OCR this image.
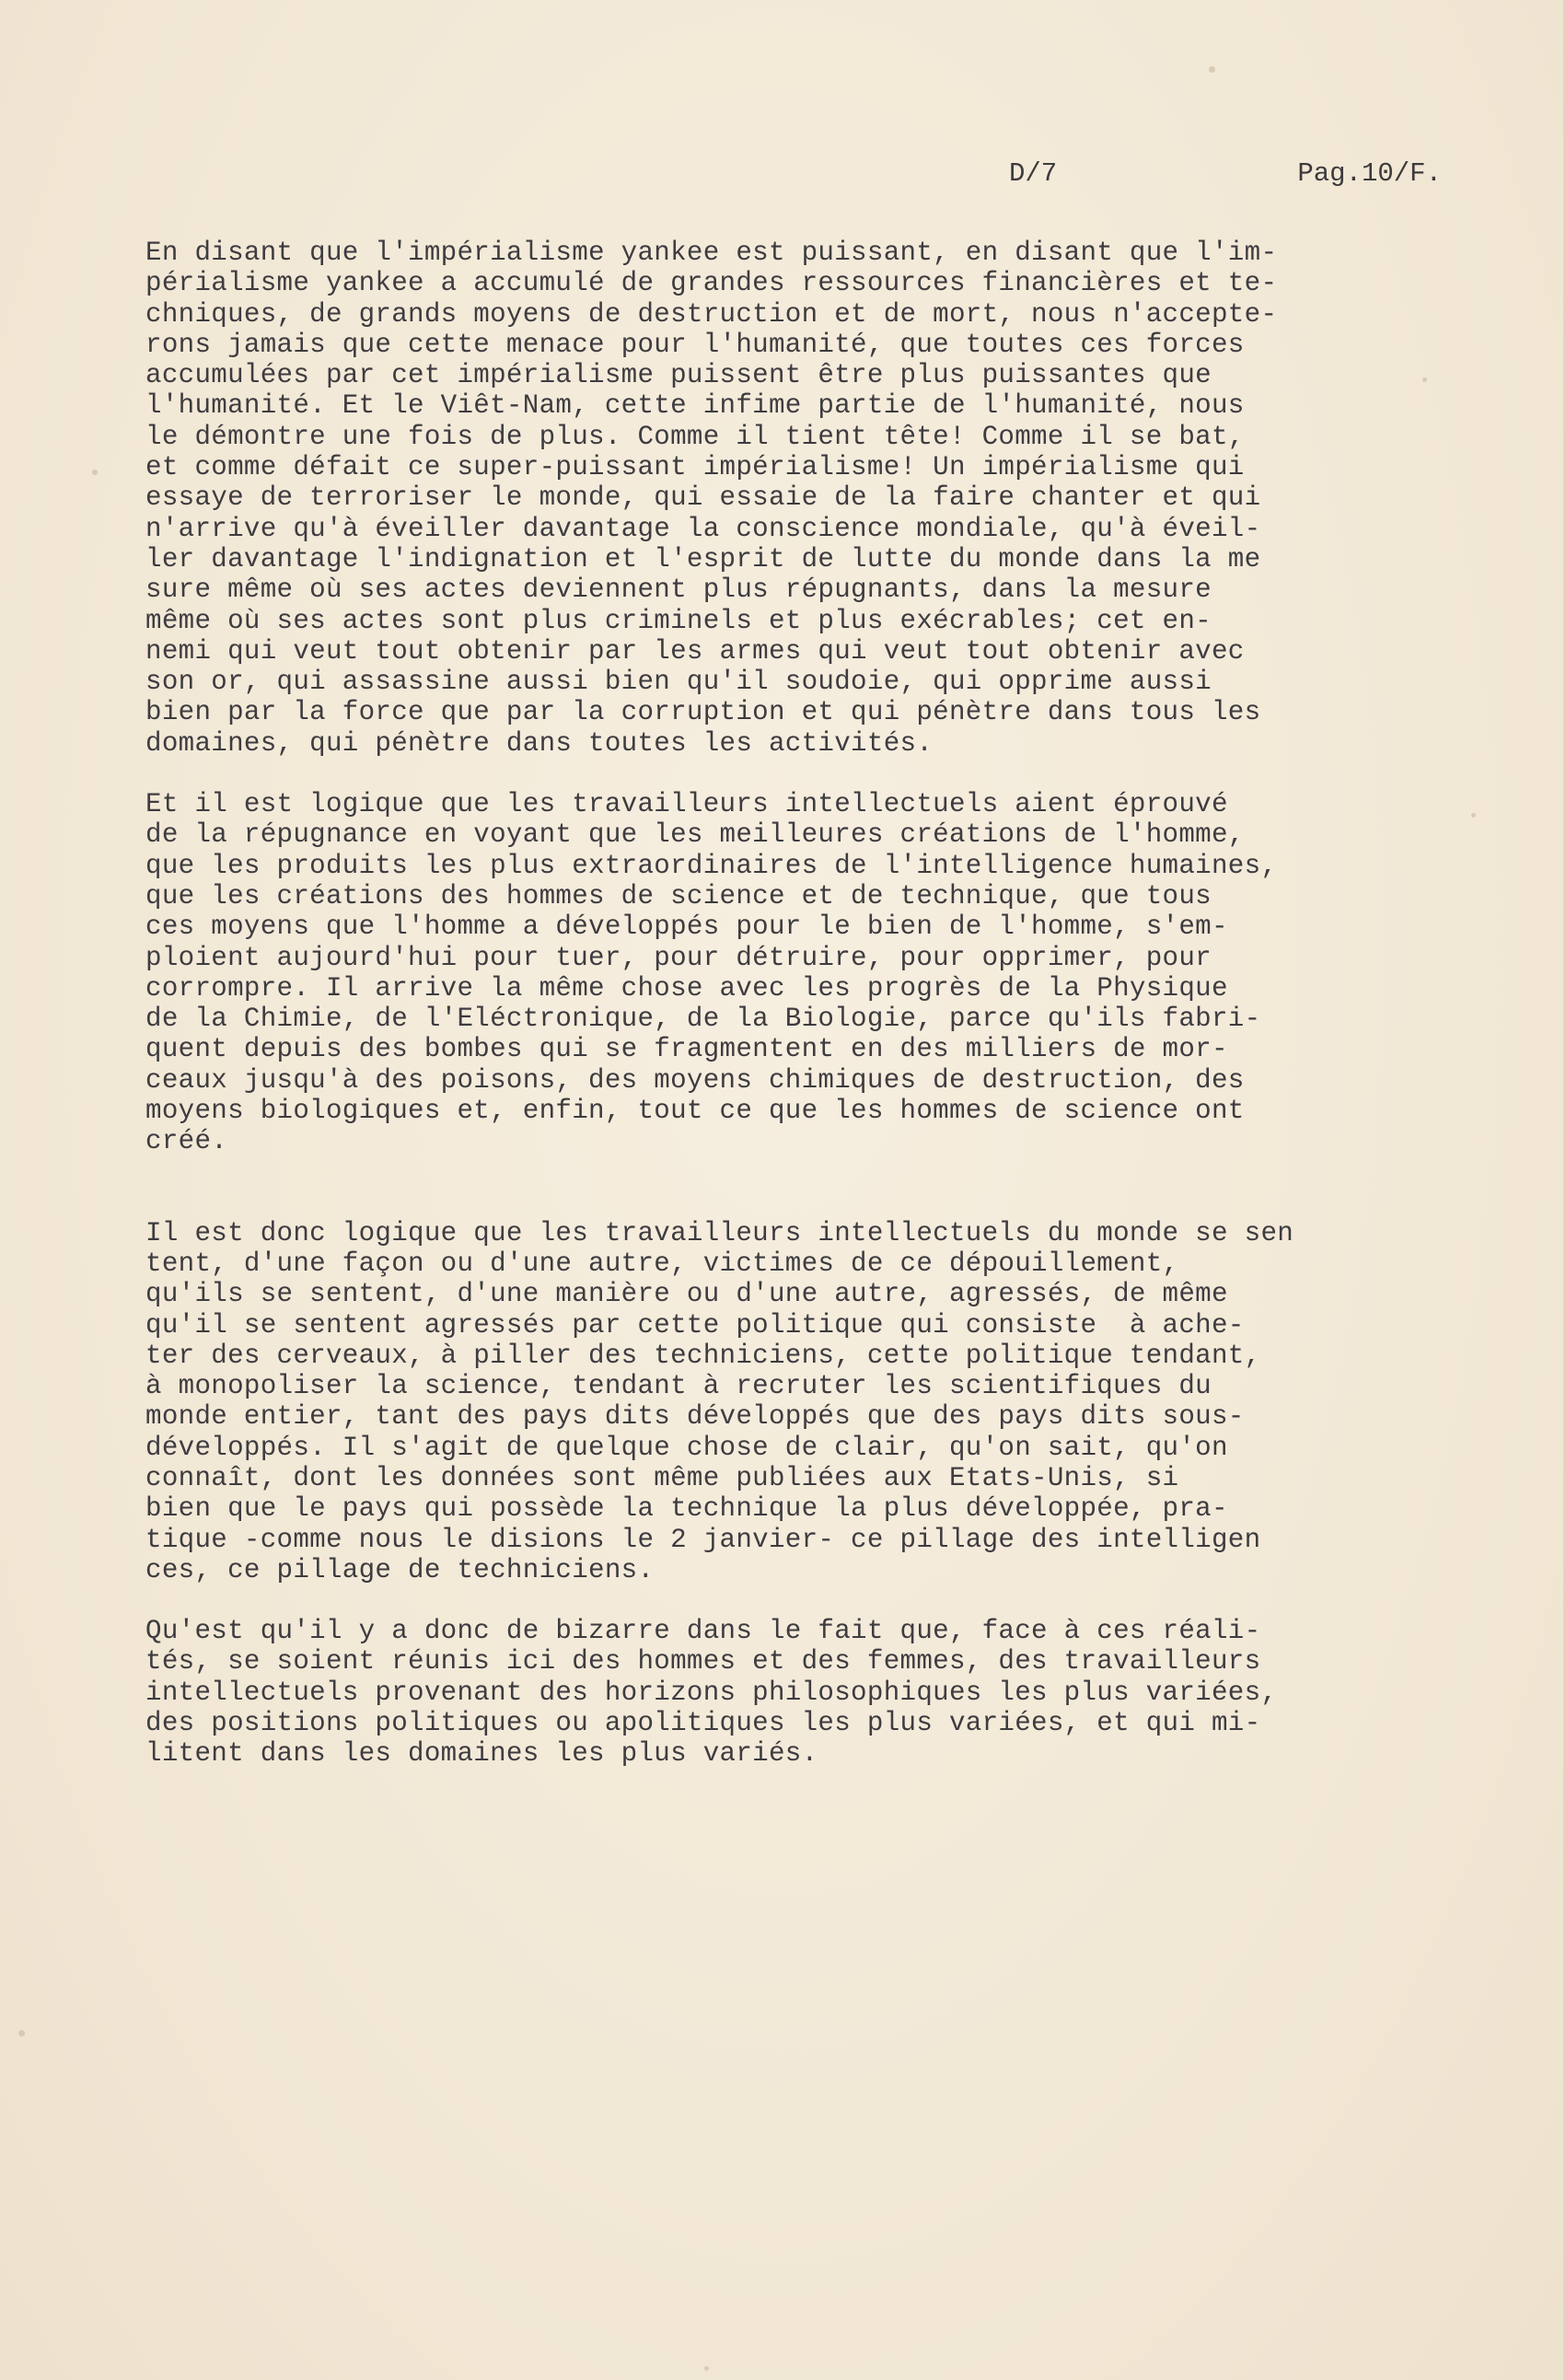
D/7	Pag.10/F.

En disant que l'impérialisme yankee est puissant, en disant que l'im-
périalisme yankee a accumulé de grandes ressources financières et te-
chniques, de grands moyens de destruction et de mort, nous n'accepte-
rons jamais que cette menace pour l'humanité, que toutes ces forces
accumulées par cet impérialisme puissent être plus puissantes que
l'humanité. Et le Viêt-Nam, cette infime partie de l'humanité, nous
le démontre une fois de plus. Comme il tient tête! Comme il se bat,
et comme défait ce super-puissant impérialisme! Un impérialisme qui
essaye de terroriser le monde, qui essaie de la faire chanter et qui
n'arrive qu'à éveiller davantage la conscience mondiale, qu'à éveil-
ler davantage l'indignation et l'esprit de lutte du monde dans la me
sure même où ses actes deviennent plus répugnants, dans la mesure
même où ses actes sont plus criminels et plus exécrables; cet en-
nemi qui veut tout obtenir par les armes qui veut tout obtenir avec
son or, qui assassine aussi bien qu'il soudoie, qui opprime aussi
bien par la force que par la corruption et qui pénètre dans tous les
domaines, qui pénètre dans toutes les activités.

Et il est logique que les travailleurs intellectuels aient éprouvé
de la répugnance en voyant que les meilleures créations de l'homme,
que les produits les plus extraordinaires de l'intelligence humaines,
que les créations des hommes de science et de technique, que tous
ces moyens que l'homme a développés pour le bien de l'homme, s'em-
ploient aujourd'hui pour tuer, pour détruire, pour opprimer, pour
corrompre. Il arrive la même chose avec les progrès de la Physique
de la Chimie, de l'Eléctronique, de la Biologie, parce qu'ils fabri-
quent depuis des bombes qui se fragmentent en des milliers de mor-
ceaux jusqu'à des poisons, des moyens chimiques de destruction, des
moyens biologiques et, enfin, tout ce que les hommes de science ont
créé.

Il est donc logique que les travailleurs intellectuels du monde se sen
tent, d'une façon ou d'une autre, victimes de ce dépouillement,
qu'ils se sentent, d'une manière ou d'une autre, agressés, de même
qu'il se sentent agressés par cette politique qui consiste  à ache-
ter des cerveaux, à piller des techniciens, cette politique tendant,
à monopoliser la science, tendant à recruter les scientifiques du
monde entier, tant des pays dits développés que des pays dits sous-
développés. Il s'agit de quelque chose de clair, qu'on sait, qu'on
connaît, dont les données sont même publiées aux Etats-Unis, si
bien que le pays qui possède la technique la plus développée, pra-
tique -comme nous le disions le 2 janvier- ce pillage des intelligen
ces, ce pillage de techniciens.

Qu'est qu'il y a donc de bizarre dans le fait que, face à ces réali-
tés, se soient réunis ici des hommes et des femmes, des travailleurs
intellectuels provenant des horizons philosophiques les plus variées,
des positions politiques ou apolitiques les plus variées, et qui mi-
litent dans les domaines les plus variés.
